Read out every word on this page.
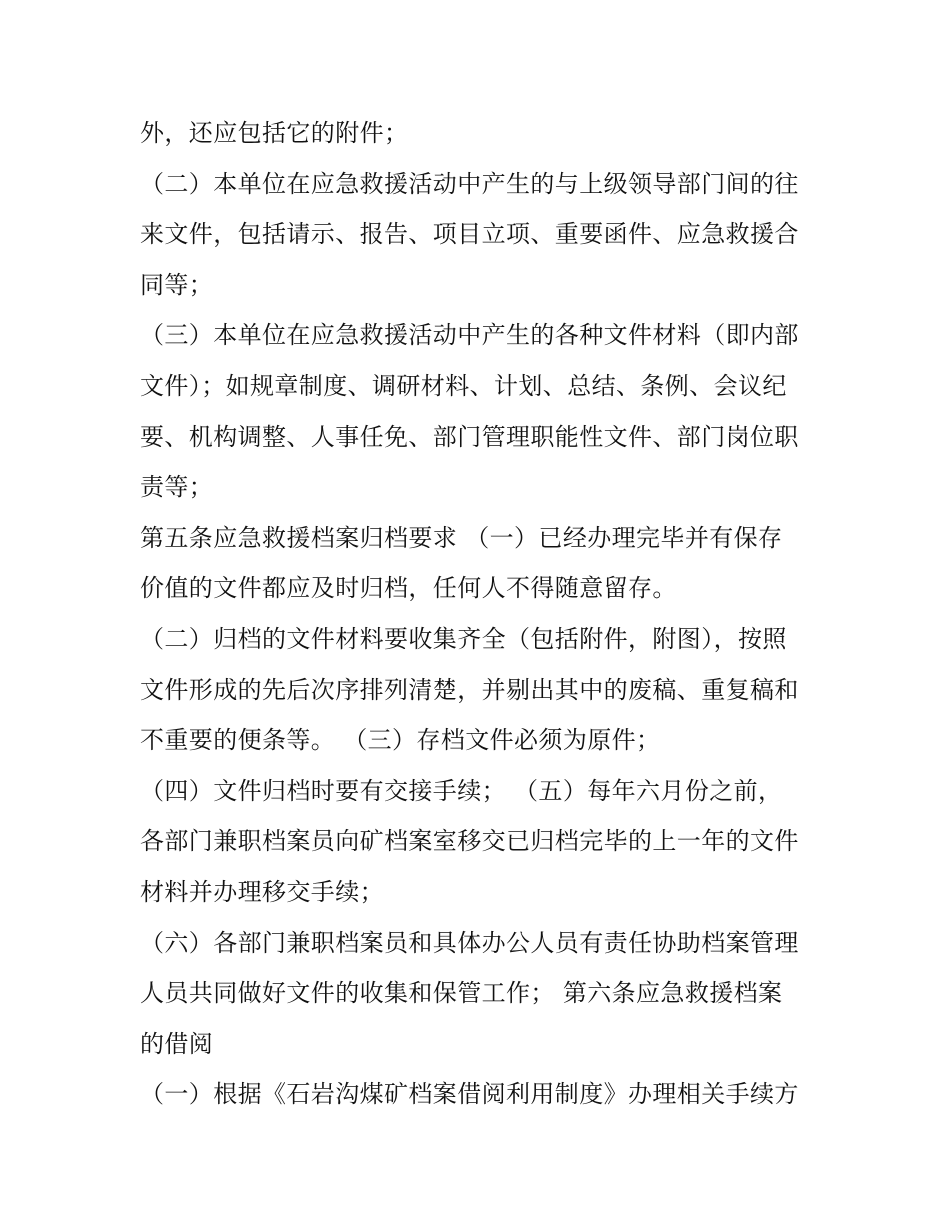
外，还应包括它的附件；
（二）本单位在应急救援活动中产生的与上级领导部门间的往
来文件，包括请示、报告、项目立项、重要函件、应急救援合
同等；
（三）本单位在应急救援活动中产生的各种文件材料（即内部
文件）；如规章制度、调研材料、计划、总结、条例、会议纪
要、机构调整、人事任免、部门管理职能性文件、部门岗位职
责等；
第五条应急救援档案归档要求 （一）已经办理完毕并有保存
价值的文件都应及时归档，任何人不得随意留存。
（二）归档的文件材料要收集齐全（包括附件，附图），按照
文件形成的先后次序排列清楚，并剔出其中的废稿、重复稿和
不重要的便条等。 （三）存档文件必须为原件；
（四）文件归档时要有交接手续； （五）每年六月份之前，
各部门兼职档案员向矿档案室移交已归档完毕的上一年的文件
材料并办理移交手续；
（六）各部门兼职档案员和具体办公人员有责任协助档案管理
人员共同做好文件的收集和保管工作； 第六条应急救援档案
的借阅
（一）根据《石岩沟煤矿档案借阅利用制度》办理相关手续方
